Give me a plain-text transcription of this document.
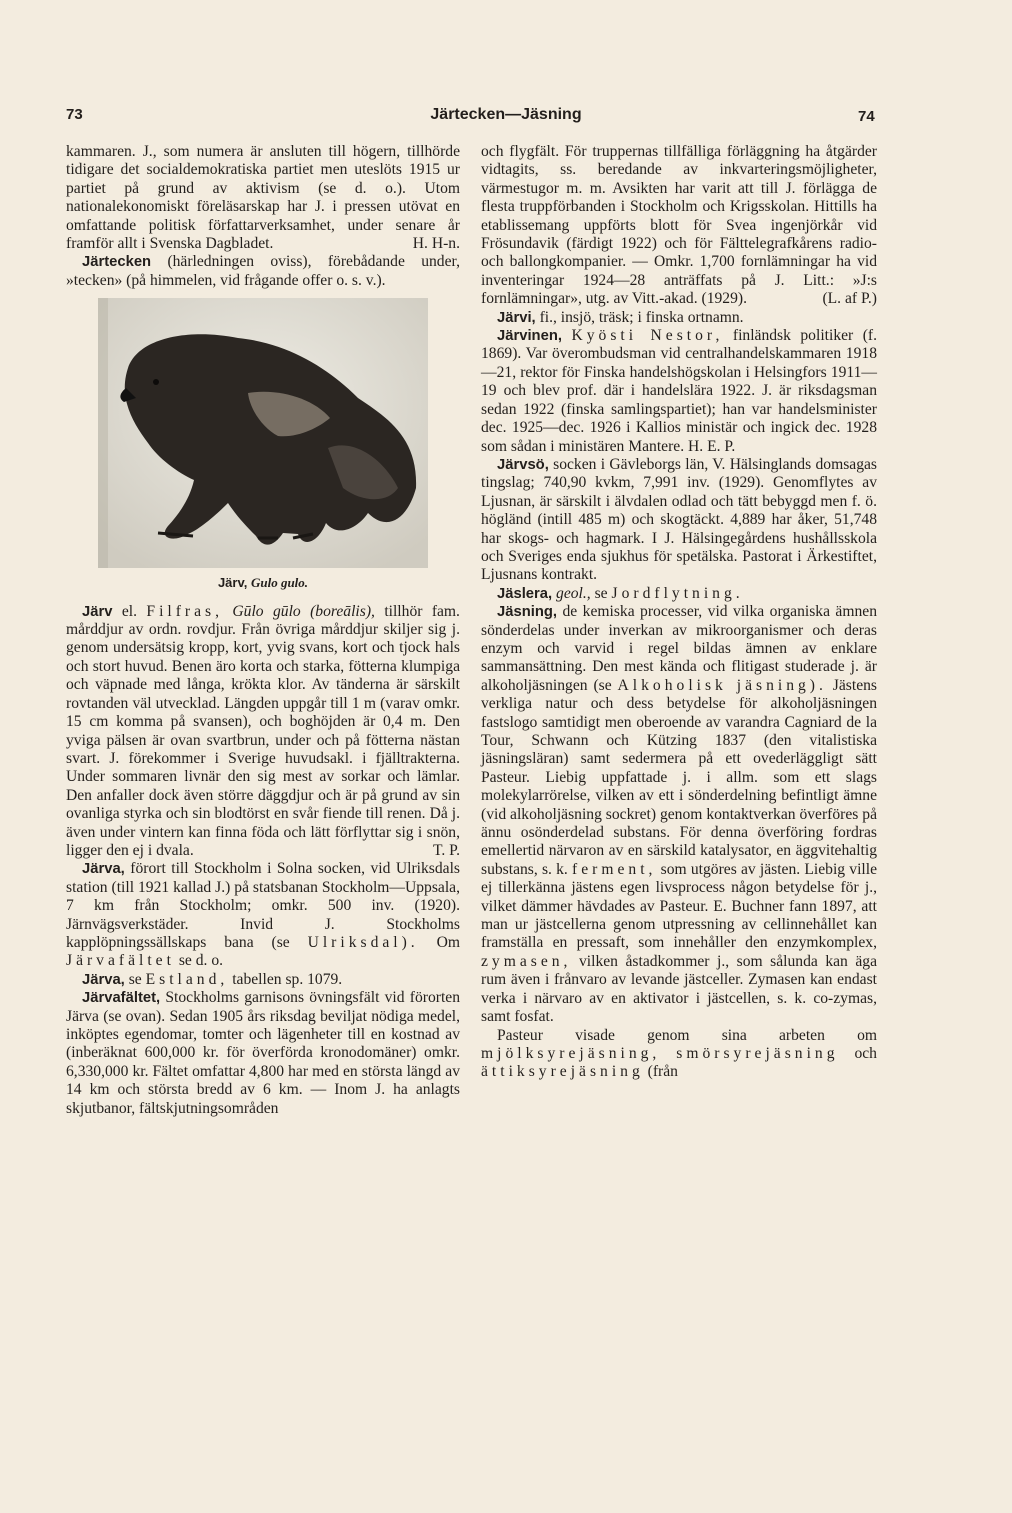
73	Järtecken—Jäsning	74

kammaren. J., som numera är ansluten till högern, tillhörde tidigare det socialdemokratiska partiet men uteslöts 1915 ur partiet på grund av aktivism (se d. o.). Utom nationalekonomiskt föreläsarskap har J. i pressen utövat en omfattande politisk författarverksamhet, under senare år framför allt i Svenska Dagbladet.	H. H-n.

Järtecken (härledningen oviss), förebådande under, »tecken» (på himmelen, vid frågande offer o. s. v.).

Järv, Gulo gulo.

Järv el. Filfras, Gūlo gūlo (boreālis), tillhör fam. mårddjur av ordn. rovdjur. Från övriga mårddjur skiljer sig j. genom undersätsig kropp, kort, yvig svans, kort och tjock hals och stort huvud. Benen äro korta och starka, fötterna klumpiga och väpnade med långa, krökta klor. Av tänderna är särskilt rovtanden väl utvecklad. Längden uppgår till 1 m (varav omkr. 15 cm komma på svansen), och boghöjden är 0,4 m. Den yviga pälsen är ovan svartbrun, under och på fötterna nästan svart. J. förekommer i Sverige huvudsakl. i fjälltrakterna. Under sommaren livnär den sig mest av sorkar och lämlar. Den anfaller dock även större däggdjur och är på grund av sin ovanliga styrka och sin blodtörst en svår fiende till renen. Då j. även under vintern kan finna föda och lätt förflyttar sig i snön, ligger den ej i dvala.	T. P.

Järva, förort till Stockholm i Solna socken, vid Ulriksdals station (till 1921 kallad J.) på statsbanan Stockholm—Uppsala, 7 km från Stockholm; omkr. 500 inv. (1920). Järnvägsverkstäder. Invid J. Stockholms kapplöpningssällskaps bana (se Ulriksdal). Om Järvafältet se d. o.

Järva, se Estland, tabellen sp. 1079.

Järvafältet, Stockholms garnisons övningsfält vid förorten Järva (se ovan). Sedan 1905 års riksdag beviljat nödiga medel, inköptes egendomar, tomter och lägenheter till en kostnad av (inberäknat 600,000 kr. för överförda kronodomäner) omkr. 6,330,000 kr. Fältet omfattar 4,800 har med en största längd av 14 km och största bredd av 6 km. — Inom J. ha anlagts skjutbanor, fältskjutningsområden

och flygfält. För truppernas tillfälliga förläggning ha åtgärder vidtagits, ss. beredande av inkvarteringsmöjligheter, värmestugor m. m. Avsikten har varit att till J. förlägga de flesta truppförbanden i Stockholm och Krigsskolan. Hittills ha etablissemang uppförts blott för Svea ingenjörkår vid Frösundavik (färdigt 1922) och för Fälttelegrafkårens radio- och ballongkompanier. — Omkr. 1,700 fornlämningar ha vid inventeringar 1924—28 anträffats på J. Litt.: »J:s fornlämningar», utg. av Vitt.-akad. (1929).	(L. af P.)

Järvi, fi., insjö, träsk; i finska ortnamn.

Järvinen, Kyösti Nestor, finländsk politiker (f. 1869). Var överombudsman vid centralhandelskammaren 1918—21, rektor för Finska handelshögskolan i Helsingfors 1911—19 och blev prof. där i handelslära 1922. J. är riksdagsman sedan 1922 (finska samlingspartiet); han var handelsminister dec. 1925—dec. 1926 i Kallios ministär och ingick dec. 1928 som sådan i ministären Mantere. H. E. P.

Järvsö, socken i Gävleborgs län, V. Hälsinglands domsagas tingslag; 740,90 kvkm, 7,991 inv. (1929). Genomflytes av Ljusnan, är särskilt i älvdalen odlad och tätt bebyggd men f. ö. högländ (intill 485 m) och skogtäckt. 4,889 har åker, 51,748 har skogs- och hagmark. I J. Hälsingegårdens hushållsskola och Sveriges enda sjukhus för spetälska. Pastorat i Ärkestiftet, Ljusnans kontrakt.

Jäslera, geol., se Jordflytning.

Jäsning, de kemiska processer, vid vilka organiska ämnen sönderdelas under inverkan av mikroorganismer och deras enzym och varvid i regel bildas ämnen av enklare sammansättning. Den mest kända och flitigast studerade j. är alkoholjäsningen (se Alkoholisk jäsning). Jästens verkliga natur och dess betydelse för alkoholjäsningen fastslogo samtidigt men oberoende av varandra Cagniard de la Tour, Schwann och Kützing 1837 (den vitalistiska jäsningsläran) samt sedermera på ett ovederläggligt sätt Pasteur. Liebig uppfattade j. i allm. som ett slags molekylarrörelse, vilken av ett i sönderdelning befintligt ämne (vid alkoholjäsning sockret) genom kontaktverkan överföres på ännu osönderdelad substans. För denna överföring fordras emellertid närvaron av en särskild katalysator, en äggvitehaltig substans, s. k. ferment, som utgöres av jästen. Liebig ville ej tillerkänna jästens egen livsprocess någon betydelse för j., vilket dämmer hävdades av Pasteur. E. Buchner fann 1897, att man ur jästcellerna genom utpressning av cellinnehållet kan framställa en pressaft, som innehåller den enzymkomplex, zymasen, vilken åstadkommer j., som sålunda kan äga rum även i frånvaro av levande jästceller. Zymasen kan endast verka i närvaro av en aktivator i jästcellen, s. k. co-zymas, samt fosfat.

Pasteur visade genom sina arbeten om mjölksyrejäsning, smörsyrejäsning och ättiksyrejäsning (från
